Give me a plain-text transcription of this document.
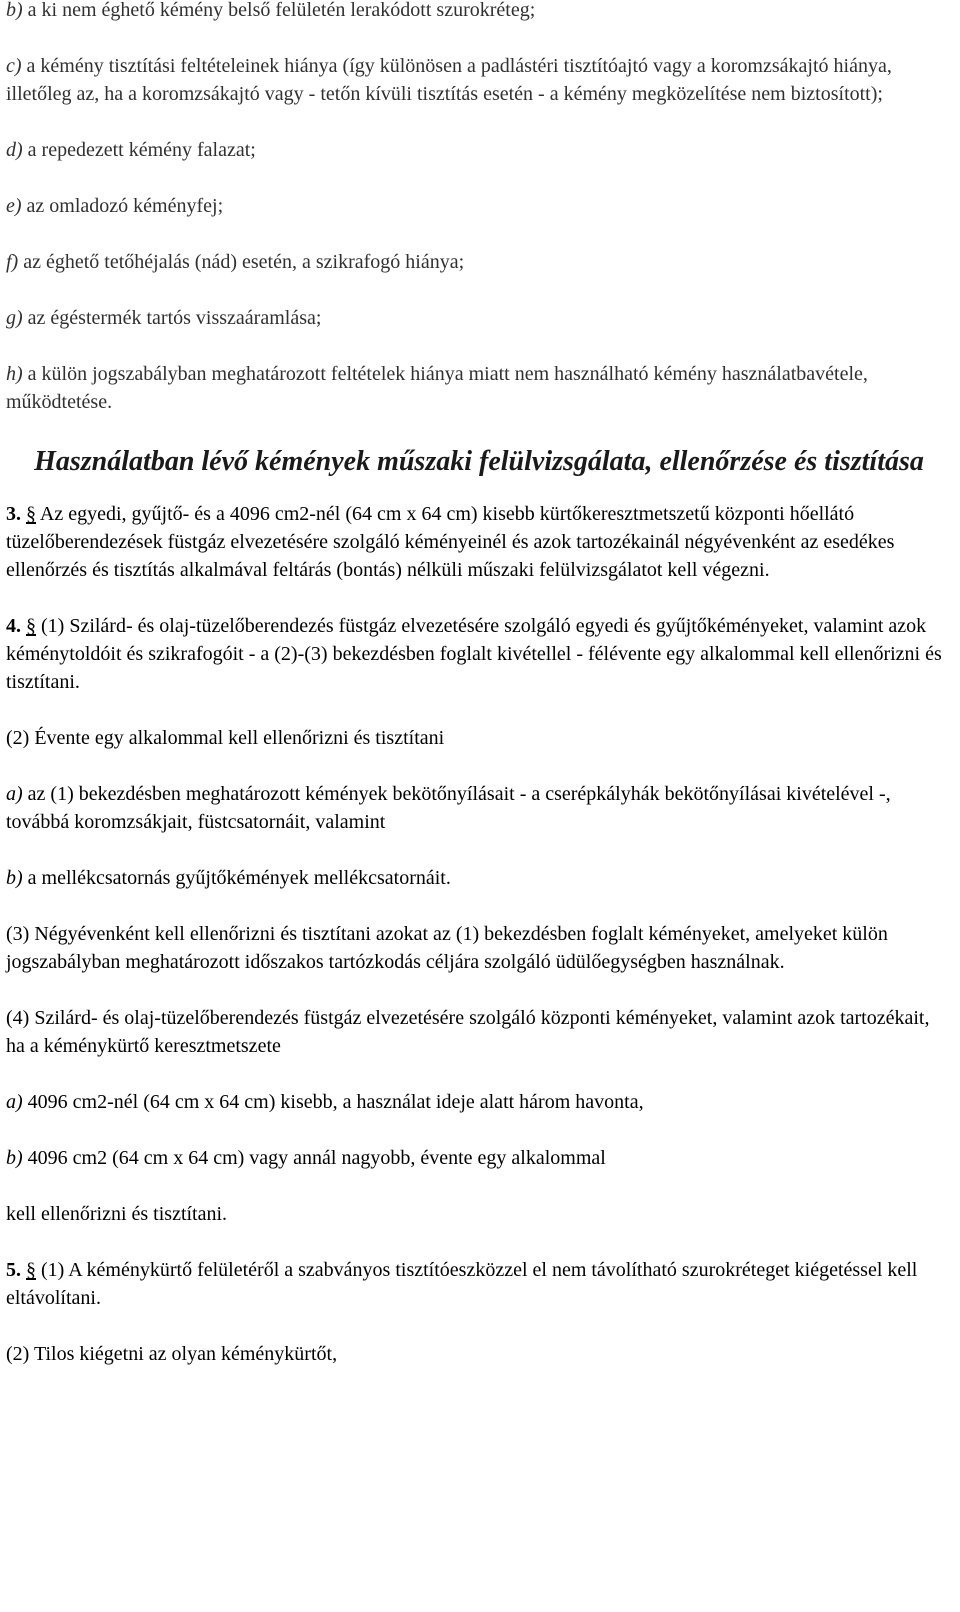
b) a ki nem éghető kémény belső felületén lerakódott szurokréteg;

c) a kémény tisztítási feltételeinek hiánya (így különösen a padlástéri tisztítóajtó vagy a koromzsákajtó hiánya, illetőleg az, ha a koromzsákajtó vagy - tetőn kívüli tisztítás esetén - a kémény megközelítése nem biztosított);

d) a repedezett kémény falazat;

e) az omladozó kéményfej;

f) az éghető tetőhéjalás (nád) esetén, a szikrafogó hiánya;

g) az égéstermék tartós visszaáramlása;

h) a külön jogszabályban meghatározott feltételek hiánya miatt nem használható kémény használatbavétele, működtetése.

Használatban lévő kémények műszaki felülvizsgálata, ellenőrzése és tisztítása

3. § Az egyedi, gyűjtő- és a 4096 cm2-nél (64 cm x 64 cm) kisebb kürtőkeresztmetszetű központi hőellátó tüzelőberendezések füstgáz elvezetésére szolgáló kéményeinél és azok tartozékainál négyévenként az esedékes ellenőrzés és tisztítás alkalmával feltárás (bontás) nélküli műszaki felülvizsgálatot kell végezni.

4. § (1) Szilárd- és olaj-tüzelőberendezés füstgáz elvezetésére szolgáló egyedi és gyűjtőkéményeket, valamint azok kéménytoldóit és szikrafogóit - a (2)-(3) bekezdésben foglalt kivétellel - félévente egy alkalommal kell ellenőrizni és tisztítani.

(2) Évente egy alkalommal kell ellenőrizni és tisztítani

a) az (1) bekezdésben meghatározott kémények bekötőnyílásait - a cserépkályhák bekötőnyílásai kivételével -, továbbá koromzsákjait, füstcsatornáit, valamint

b) a mellékcsatornás gyűjtőkémények mellékcsatornáit.

(3) Négyévenként kell ellenőrizni és tisztítani azokat az (1) bekezdésben foglalt kéményeket, amelyeket külön jogszabályban meghatározott időszakos tartózkodás céljára szolgáló üdülőegységben használnak.

(4) Szilárd- és olaj-tüzelőberendezés füstgáz elvezetésére szolgáló központi kéményeket, valamint azok tartozékait, ha a kéménykürtő keresztmetszete

a) 4096 cm2-nél (64 cm x 64 cm) kisebb, a használat ideje alatt három havonta,

b) 4096 cm2 (64 cm x 64 cm) vagy annál nagyobb, évente egy alkalommal

kell ellenőrizni és tisztítani.

5. § (1) A kéménykürtő felületéről a szabványos tisztítóeszközzel el nem távolítható szurokréteget kiégetéssel kell eltávolítani.

(2) Tilos kiégetni az olyan kéménykürtőt,
